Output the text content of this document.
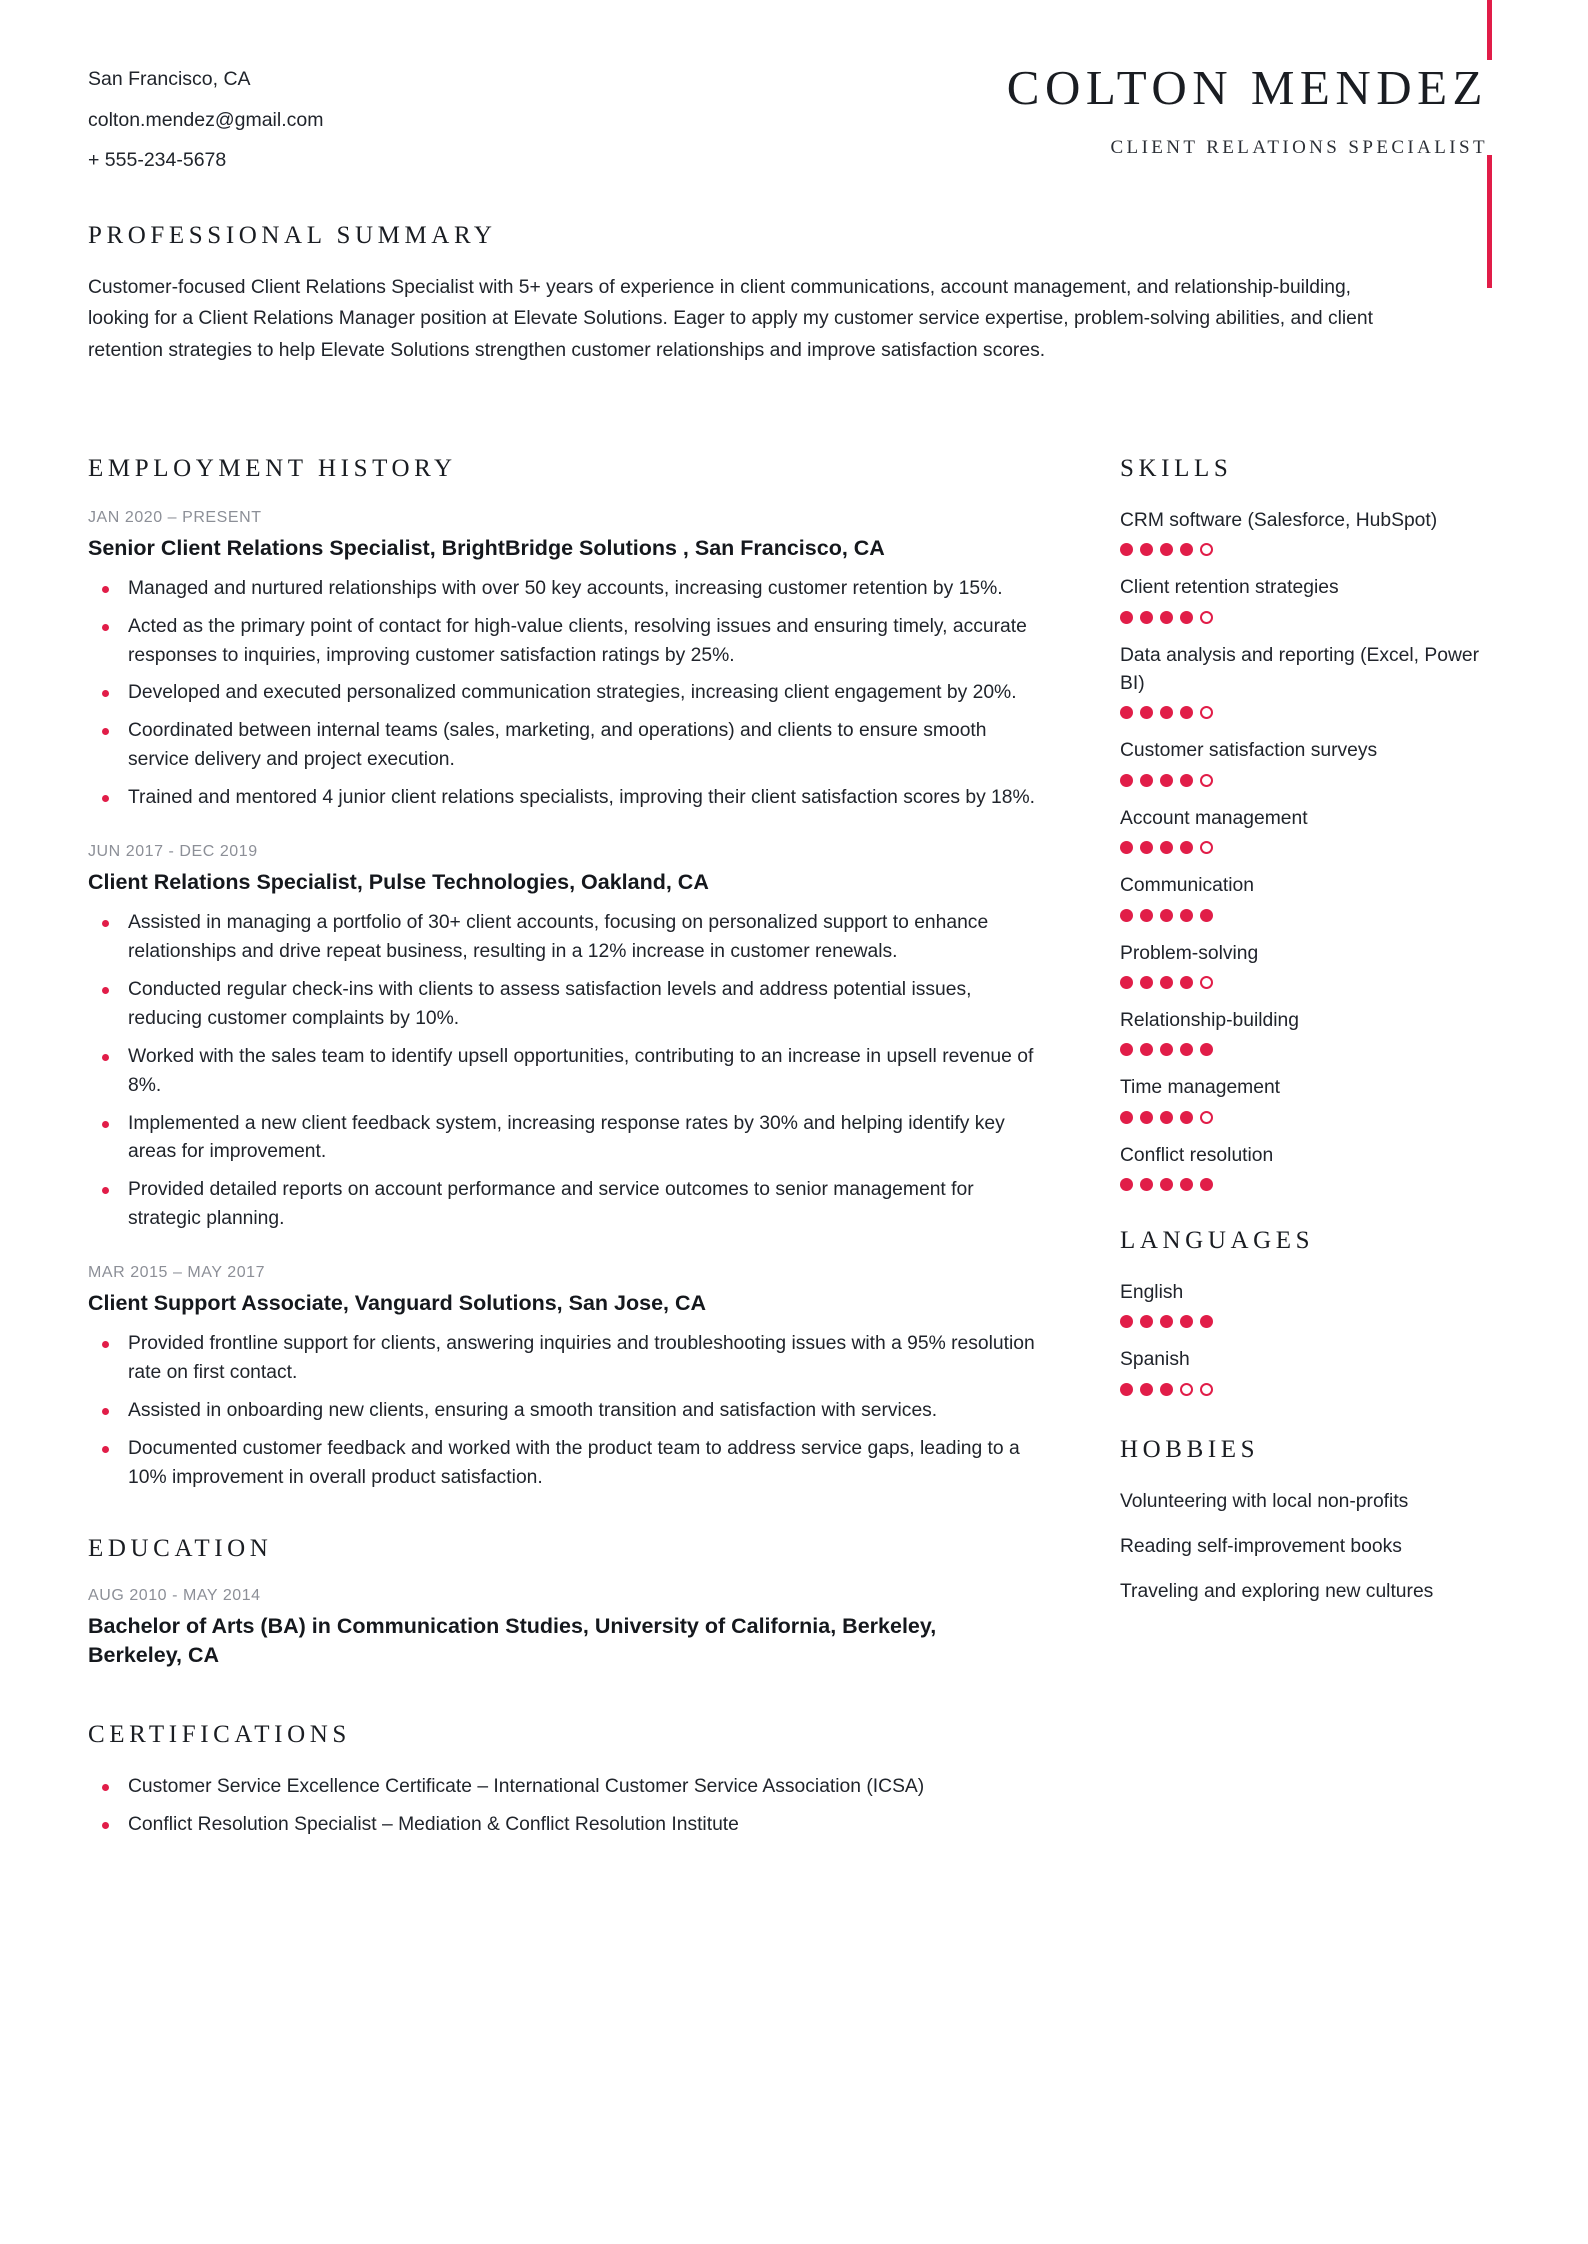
San Francisco, CA
colton.mendez@gmail.com
+ 555-234-5678
COLTON MENDEZ
CLIENT RELATIONS SPECIALIST
PROFESSIONAL SUMMARY
Customer-focused Client Relations Specialist with 5+ years of experience in client communications, account management, and relationship-building, looking for a Client Relations Manager position at Elevate Solutions. Eager to apply my customer service expertise, problem-solving abilities, and client retention strategies to help Elevate Solutions strengthen customer relationships and improve satisfaction scores.
EMPLOYMENT HISTORY
JAN 2020 – PRESENT
Senior Client Relations Specialist, BrightBridge Solutions , San Francisco, CA
Managed and nurtured relationships with over 50 key accounts, increasing customer retention by 15%.
Acted as the primary point of contact for high-value clients, resolving issues and ensuring timely, accurate responses to inquiries, improving customer satisfaction ratings by 25%.
Developed and executed personalized communication strategies, increasing client engagement by 20%.
Coordinated between internal teams (sales, marketing, and operations) and clients to ensure smooth service delivery and project execution.
Trained and mentored 4 junior client relations specialists, improving their client satisfaction scores by 18%.
JUN 2017 - DEC 2019
Client Relations Specialist, Pulse Technologies, Oakland, CA
Assisted in managing a portfolio of 30+ client accounts, focusing on personalized support to enhance relationships and drive repeat business, resulting in a 12% increase in customer renewals.
Conducted regular check-ins with clients to assess satisfaction levels and address potential issues, reducing customer complaints by 10%.
Worked with the sales team to identify upsell opportunities, contributing to an increase in upsell revenue of 8%.
Implemented a new client feedback system, increasing response rates by 30% and helping identify key areas for improvement.
Provided detailed reports on account performance and service outcomes to senior management for strategic planning.
MAR 2015 – MAY 2017
Client Support Associate, Vanguard Solutions, San Jose, CA
Provided frontline support for clients, answering inquiries and troubleshooting issues with a 95% resolution rate on first contact.
Assisted in onboarding new clients, ensuring a smooth transition and satisfaction with services.
Documented customer feedback and worked with the product team to address service gaps, leading to a 10% improvement in overall product satisfaction.
EDUCATION
AUG 2010 - MAY 2014
Bachelor of Arts (BA) in Communication Studies, University of California, Berkeley, Berkeley, CA
CERTIFICATIONS
Customer Service Excellence Certificate – International Customer Service Association (ICSA)
Conflict Resolution Specialist – Mediation & Conflict Resolution Institute
SKILLS
CRM software (Salesforce, HubSpot)
Client retention strategies
Data analysis and reporting (Excel, Power BI)
Customer satisfaction surveys
Account management
Communication
Problem-solving
Relationship-building
Time management
Conflict resolution
LANGUAGES
English
Spanish
HOBBIES
Volunteering with local non-profits
Reading self-improvement books
Traveling and exploring new cultures
